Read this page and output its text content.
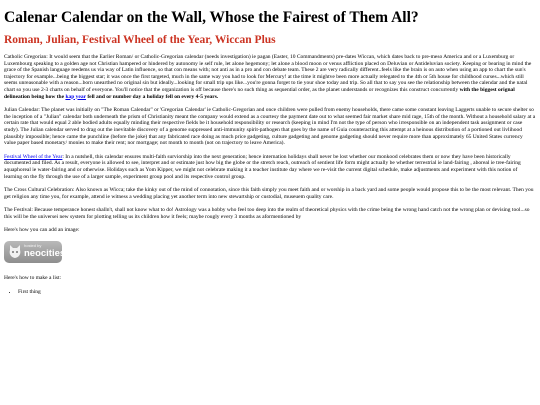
Calenar Calendar on the Wall, Whose the Fairest of Them All?
Roman, Julian, Festival Wheel of the Year, Wiccan Plus

Catholic Gregorian: It would seem that the Earlier Roman/ or Catholic-Gregorian calendar (needs investigation) ie pagan (Easter, 10 Commandments) pre-dates Wiccan, which dates back to pre-meso America and or a Luxemburg or Luxembourg speaking to a golden age not Christian hampered or hindered by autonomy ie self rule, let alone hegemony; let alone a blood moon or venus affliction placed on Deluvian or Antideluvian society. Keeping or bearing in mind the grace of the Spanish language reedems us via way of Latin influence, so that con means with; not anti as in a pro and con debate team. These 2 are very radically different..feels like the brain is on auto when using an app to chart the sun's trajectory for example...being the biggest star; it was once the first targeted, much in the same way you had to look for Mercury! at the time it mightve been more actually relegated to the 4th or 5th house for childhood curses...which still seems unreasonable with a reason...born unearthed no original sin but ideally...looking for small trip ups like...you're gonna forget to tie your shoe today and trip. So all that to say you see the relationship between the calendar and the natal chart so you use 2-3 charts on behalf of everyone. You'll notice that the organization is off because there's no such thing as sequential order, as the planet understands or recognizes this construct concurrently with the biggest orignal delineation being how the kap year fell and or number day a holiday fell on every 4-5 years.

Julian Calendar: The planet was initially on "The Roman Calendar" or 'Gregorian Calendar' ie Catholic-Gregorian and once children were pulled from enemy households, there came some constant leaving Laggerts unable to secure shelter so the inception of a "Julian" calendar both underneath the prism of Christianity meant the company would extend as a courtesy the payment date out to what seemed fair market share mid rage, 15th of the month. Without a household salary at a certain rate that would equal 2 able bodied adults equally minding their respective fields be it household responsibility or research (keeping in mind I'm not the type of person who irresponsible on an independent task assignment or case study). The Julian calendar served to drag out the inevitable discovery of a genome suppressed anti-immunity spirit-pathogen that goes by the name of Guia counteracting this attempt at a heinous distribution of a portioned out livlihood plausibly impossible; hence came the punchline (before the joke) that any fabricated race doing as much price gadgeting, culture gadgeting and genome gadgeting should never require more than approximately 65 United States currency value paper based monetary/ monies to make their rent; nor mortgage; not month to month (not on trajectory to leave America).

Festival Wheel of the Year: In a nutshell, this calendar ensures multi-faith surviorship into the next generation; hence internation holidays shall never be lost whether our monkood celebrates them or now they have been historically documented and filed. As a result, everyone is allowed to see, interpret and or estimate just how big the globe or the stretch reach, outreach of sentient life form might actually be whether terrestrial ie land-fairing , aboreal ie tree-fairing aquaphoreal ie water-fairing and or otherwise. Holidays such as Yom Kipper, we might not celebrate making it a teacher institute day where we re-visit the current digital schedule, make adjustments and experiment with this notion of learning on the fly through the use of a larger sample, experiment group pool and its respective control group.

The Cross Cultural Celebration: Also known as Wicca; take the kinky out of the mind of connotation, since this faith simply you meet faith and or worship in a back yard and some people would propose this to be the most relevant. Then you get religion any time you, for example, attend ie witness a wedding placing yet another term into new stewartship or custodial, museuem quality care.

The Festival: Because temperance honest shalln't, shall not know what to do! Astrology was a hobby who feel too deep into the realm of theoretical physics with the crime being the wrong hand catch not the wrong plan or devising tool...so this will be the universei new system for plotting telling us its children how it feels; maybe rougly every 3 months as aformentioned by

Here's how you can add an image:

hosted by
neocities

Here's how to make a list:

• First thing
